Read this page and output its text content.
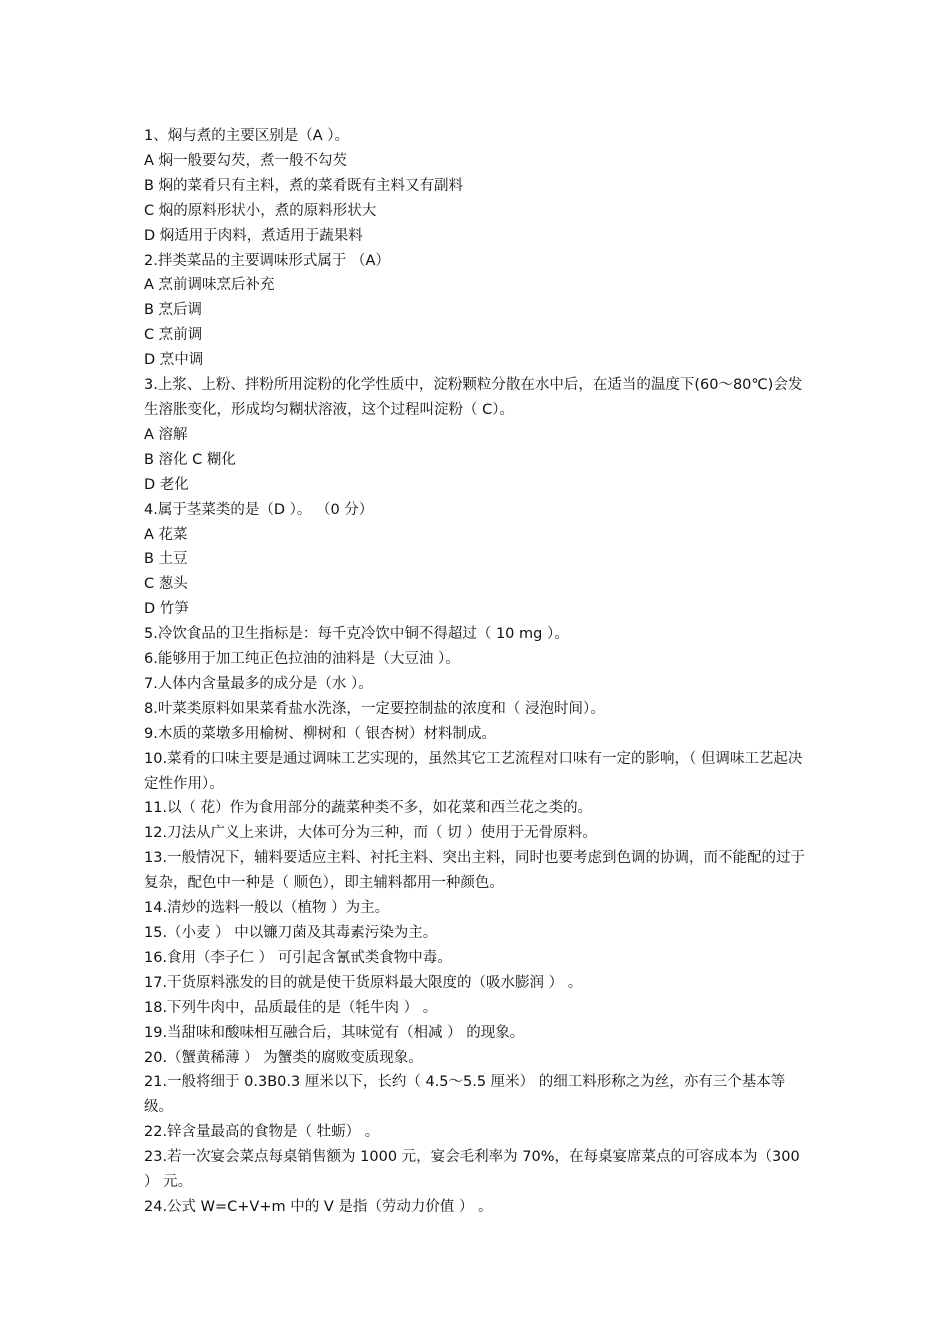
1、焖与煮的主要区别是（A ）。

A 焖一般要勾芡，煮一般不勾芡

B 焖的菜肴只有主料，煮的菜肴既有主料又有副料

C 焖的原料形状小，煮的原料形状大

D 焖适用于肉料，煮适用于蔬果料

2.拌类菜品的主要调味形式属于 （A）

A 烹前调味烹后补充

B 烹后调

C 烹前调

D 烹中调

3.上浆、上粉、拌粉所用淀粉的化学性质中，淀粉颗粒分散在水中后，在适当的温度下(60～80℃)会发生溶胀变化，形成均匀糊状溶液，这个过程叫淀粉（ C）。

A 溶解

B 溶化 C 糊化

D 老化

4.属于茎菜类的是（D ）。 （0 分）

A 花菜

B 土豆

C 葱头

D 竹笋

5.冷饮食品的卫生指标是：每千克冷饮中铜不得超过（ 10 mg ）。

6.能够用于加工纯正色拉油的油料是（大豆油 ）。

7.人体内含量最多的成分是（水 ）。

8.叶菜类原料如果菜肴盐水洗涤，一定要控制盐的浓度和（ 浸泡时间）。

9.木质的菜墩多用榆树、柳树和（ 银杏树）材料制成。

10.菜肴的口味主要是通过调味工艺实现的，虽然其它工艺流程对口味有一定的影响，（ 但调味工艺起决定性作用）。

11.以（ 花）作为食用部分的蔬菜种类不多，如花菜和西兰花之类的。

12.刀法从广义上来讲，大体可分为三种，而（ 切 ）使用于无骨原料。

13.一般情况下，辅料要适应主料、衬托主料、突出主料，同时也要考虑到色调的协调，而不能配的过于复杂，配色中一种是（ 顺色），即主辅料都用一种颜色。

14.清炒的选料一般以（植物 ）为主。

15.（小麦 ） 中以镰刀菌及其毒素污染为主。

16.食用（李子仁 ） 可引起含氰甙类食物中毒。

17.干货原料涨发的目的就是使干货原料最大限度的（吸水膨润 ） 。

18.下列牛肉中，品质最佳的是（牦牛肉 ） 。

19.当甜味和酸味相互融合后，其味觉有（相减 ） 的现象。

20.（蟹黄稀薄 ） 为蟹类的腐败变质现象。

21.一般将细于 0.3B0.3 厘米以下，长约（ 4.5～5.5 厘米） 的细工料形称之为丝，亦有三个基本等级。

22.锌含量最高的食物是（ 牡蛎） 。

23.若一次宴会菜点每桌销售额为 1000 元，宴会毛利率为 70%，在每桌宴席菜点的可容成本为（300 ） 元。

24.公式 W=C+V+m 中的 V 是指（劳动力价值 ） 。
